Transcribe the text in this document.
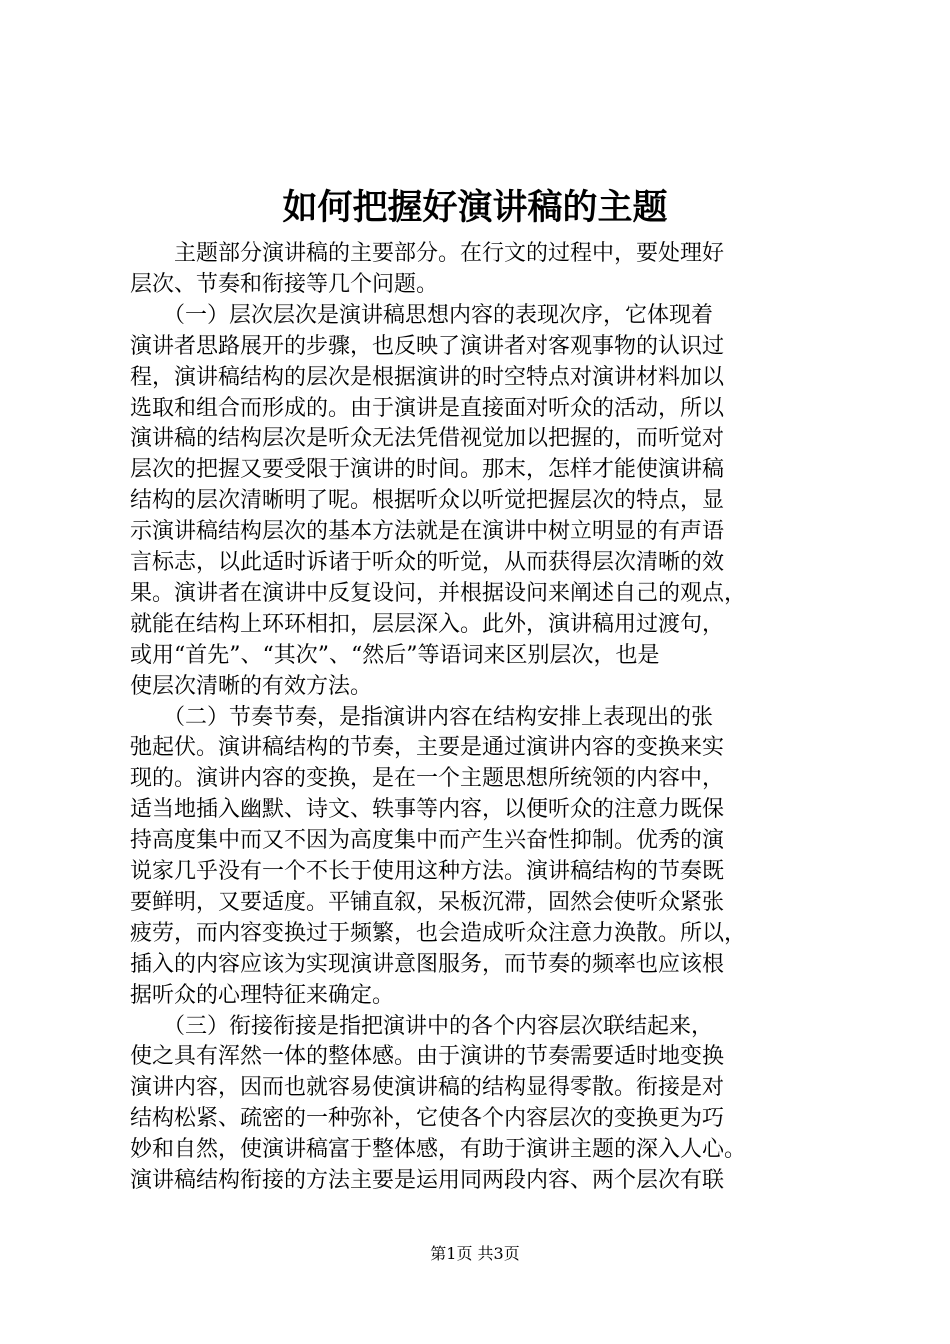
如何把握好演讲稿的主题
　　主题部分演讲稿的主要部分。在行文的过程中，要处理好
层次、节奏和衔接等几个问题。
　　（一）层次层次是演讲稿思想内容的表现次序，它体现着
演讲者思路展开的步骤，也反映了演讲者对客观事物的认识过
程，演讲稿结构的层次是根据演讲的时空特点对演讲材料加以
选取和组合而形成的。由于演讲是直接面对听众的活动，所以
演讲稿的结构层次是听众无法凭借视觉加以把握的，而听觉对
层次的把握又要受限于演讲的时间。那末，怎样才能使演讲稿
结构的层次清晰明了呢。根据听众以听觉把握层次的特点，显
示演讲稿结构层次的基本方法就是在演讲中树立明显的有声语
言标志，以此适时诉诸于听众的听觉，从而获得层次清晰的效
果。演讲者在演讲中反复设问，并根据设问来阐述自己的观点，
就能在结构上环环相扣，层层深入。此外，演讲稿用过渡句，
或用“首先”、“其次”、“然后”等语词来区别层次，也是
使层次清晰的有效方法。
　　（二）节奏节奏，是指演讲内容在结构安排上表现出的张
弛起伏。演讲稿结构的节奏，主要是通过演讲内容的变换来实
现的。演讲内容的变换，是在一个主题思想所统领的内容中，
适当地插入幽默、诗文、轶事等内容，以便听众的注意力既保
持高度集中而又不因为高度集中而产生兴奋性抑制。优秀的演
说家几乎没有一个不长于使用这种方法。演讲稿结构的节奏既
要鲜明，又要适度。平铺直叙，呆板沉滞，固然会使听众紧张
疲劳，而内容变换过于频繁，也会造成听众注意力涣散。所以，
插入的内容应该为实现演讲意图服务，而节奏的频率也应该根
据听众的心理特征来确定。
　　（三）衔接衔接是指把演讲中的各个内容层次联结起来，
使之具有浑然一体的整体感。由于演讲的节奏需要适时地变换
演讲内容，因而也就容易使演讲稿的结构显得零散。衔接是对
结构松紧、疏密的一种弥补，它使各个内容层次的变换更为巧
妙和自然，使演讲稿富于整体感，有助于演讲主题的深入人心。
演讲稿结构衔接的方法主要是运用同两段内容、两个层次有联
第1页 共3页
